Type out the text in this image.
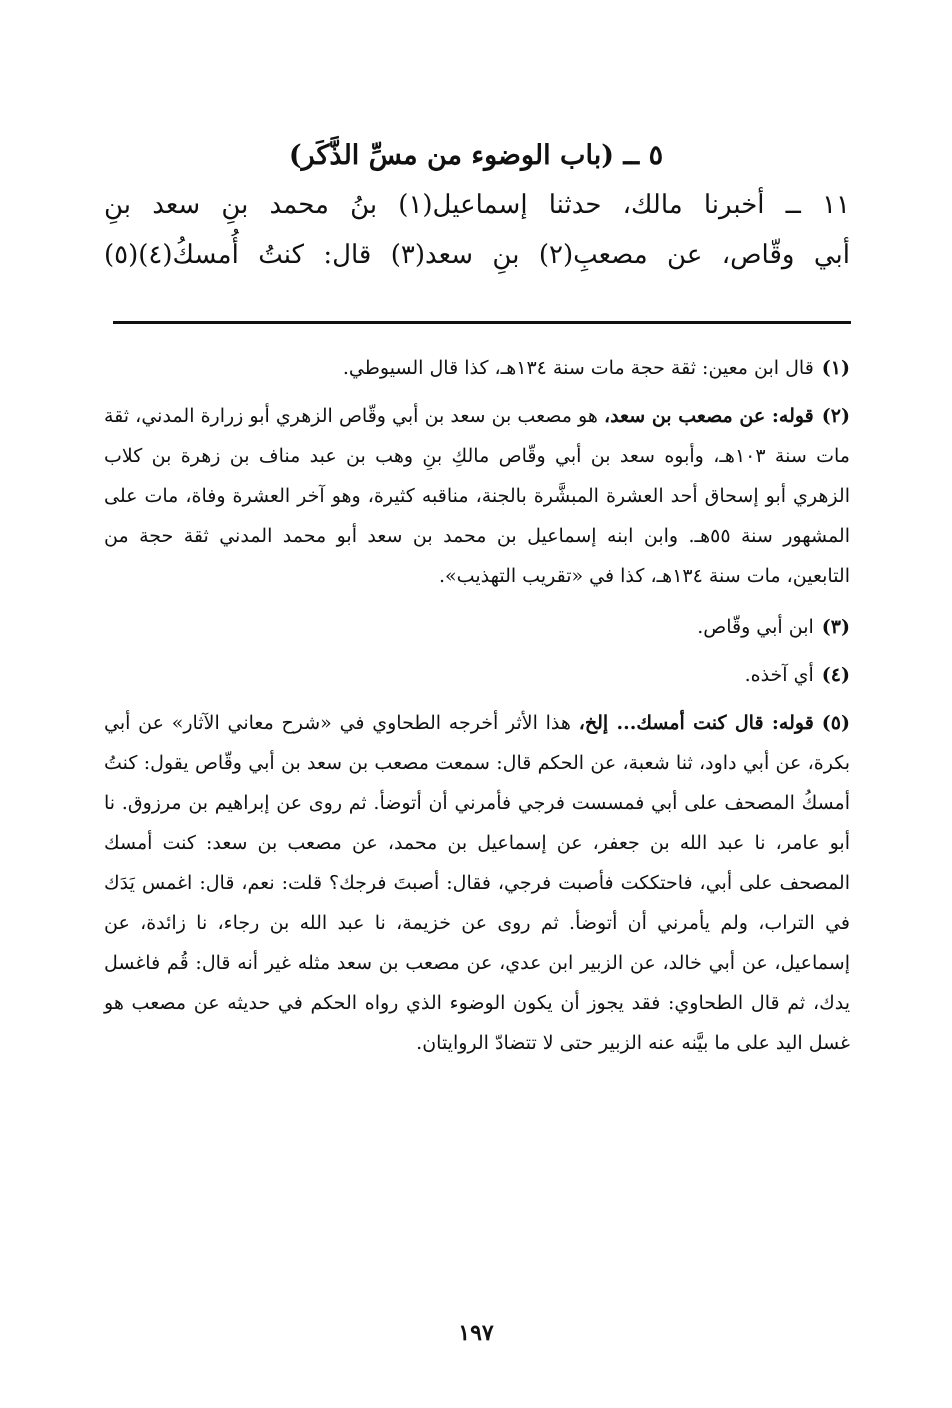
٥ ــ (باب الوضوء من مسِّ الذَّكَر)
١١ ــ أخبرنا مالك، حدثنا إسماعيل(١) بنُ محمد بنِ سعد بنِ
أبي وقّاص، عن مصعبِ(٢) بنِ سعد(٣) قال: كنتُ أُمسكُ(٤)(٥)

(١)قال ابن معين: ثقة حجة مات سنة ١٣٤هـ، كذا قال السيوطي.

(٢)قوله: عن مصعب بن سعد، هو مصعب بن سعد بن أبي وقّاص الزهري أبو زرارة المدني، ثقة مات سنة ١٠٣هـ، وأبوه سعد بن أبي وقّاص مالكِ بنِ وهب بن عبد مناف بن زهرة بن كلاب الزهري أبو إسحاق أحد العشرة المبشَّرة بالجنة، مناقبه كثيرة، وهو آخر العشرة وفاة، مات على المشهور سنة ٥٥هـ. وابن ابنه إسماعيل بن محمد بن سعد أبو محمد المدني ثقة حجة من التابعين، مات سنة ١٣٤هـ، كذا في «تقريب التهذيب».

(٣)ابن أبي وقّاص.

(٤)أي آخذه.

(٥)قوله: قال كنت أمسك... إلخ، هذا الأثر أخرجه الطحاوي في «شرح معاني الآثار» عن أبي بكرة، عن أبي داود، ثنا شعبة، عن الحكم قال: سمعت مصعب بن سعد بن أبي وقّاص يقول: كنتُ أمسكُ المصحف على أبي فمسست فرجي فأمرني أن أتوضأ. ثم روى عن إبراهيم بن مرزوق. نا أبو عامر، نا عبد الله بن جعفر، عن إسماعيل بن محمد، عن مصعب بن سعد: كنت أمسك المصحف على أبي، فاحتككت فأصبت فرجي، فقال: أصبتَ فرجك؟ قلت: نعم، قال: اغمس يَدَك في التراب، ولم يأمرني أن أتوضأ. ثم روى عن خزيمة، نا عبد الله بن رجاء، نا زائدة، عن إسماعيل، عن أبي خالد، عن الزبير ابن عدي، عن مصعب بن سعد مثله غير أنه قال: قُم فاغسل يدك، ثم قال الطحاوي: فقد يجوز أن يكون الوضوء الذي رواه الحكم في حديثه عن مصعب هو غسل اليد على ما بيَّنه عنه الزبير حتى لا تتضادّ الروايتان.

١٩٧
